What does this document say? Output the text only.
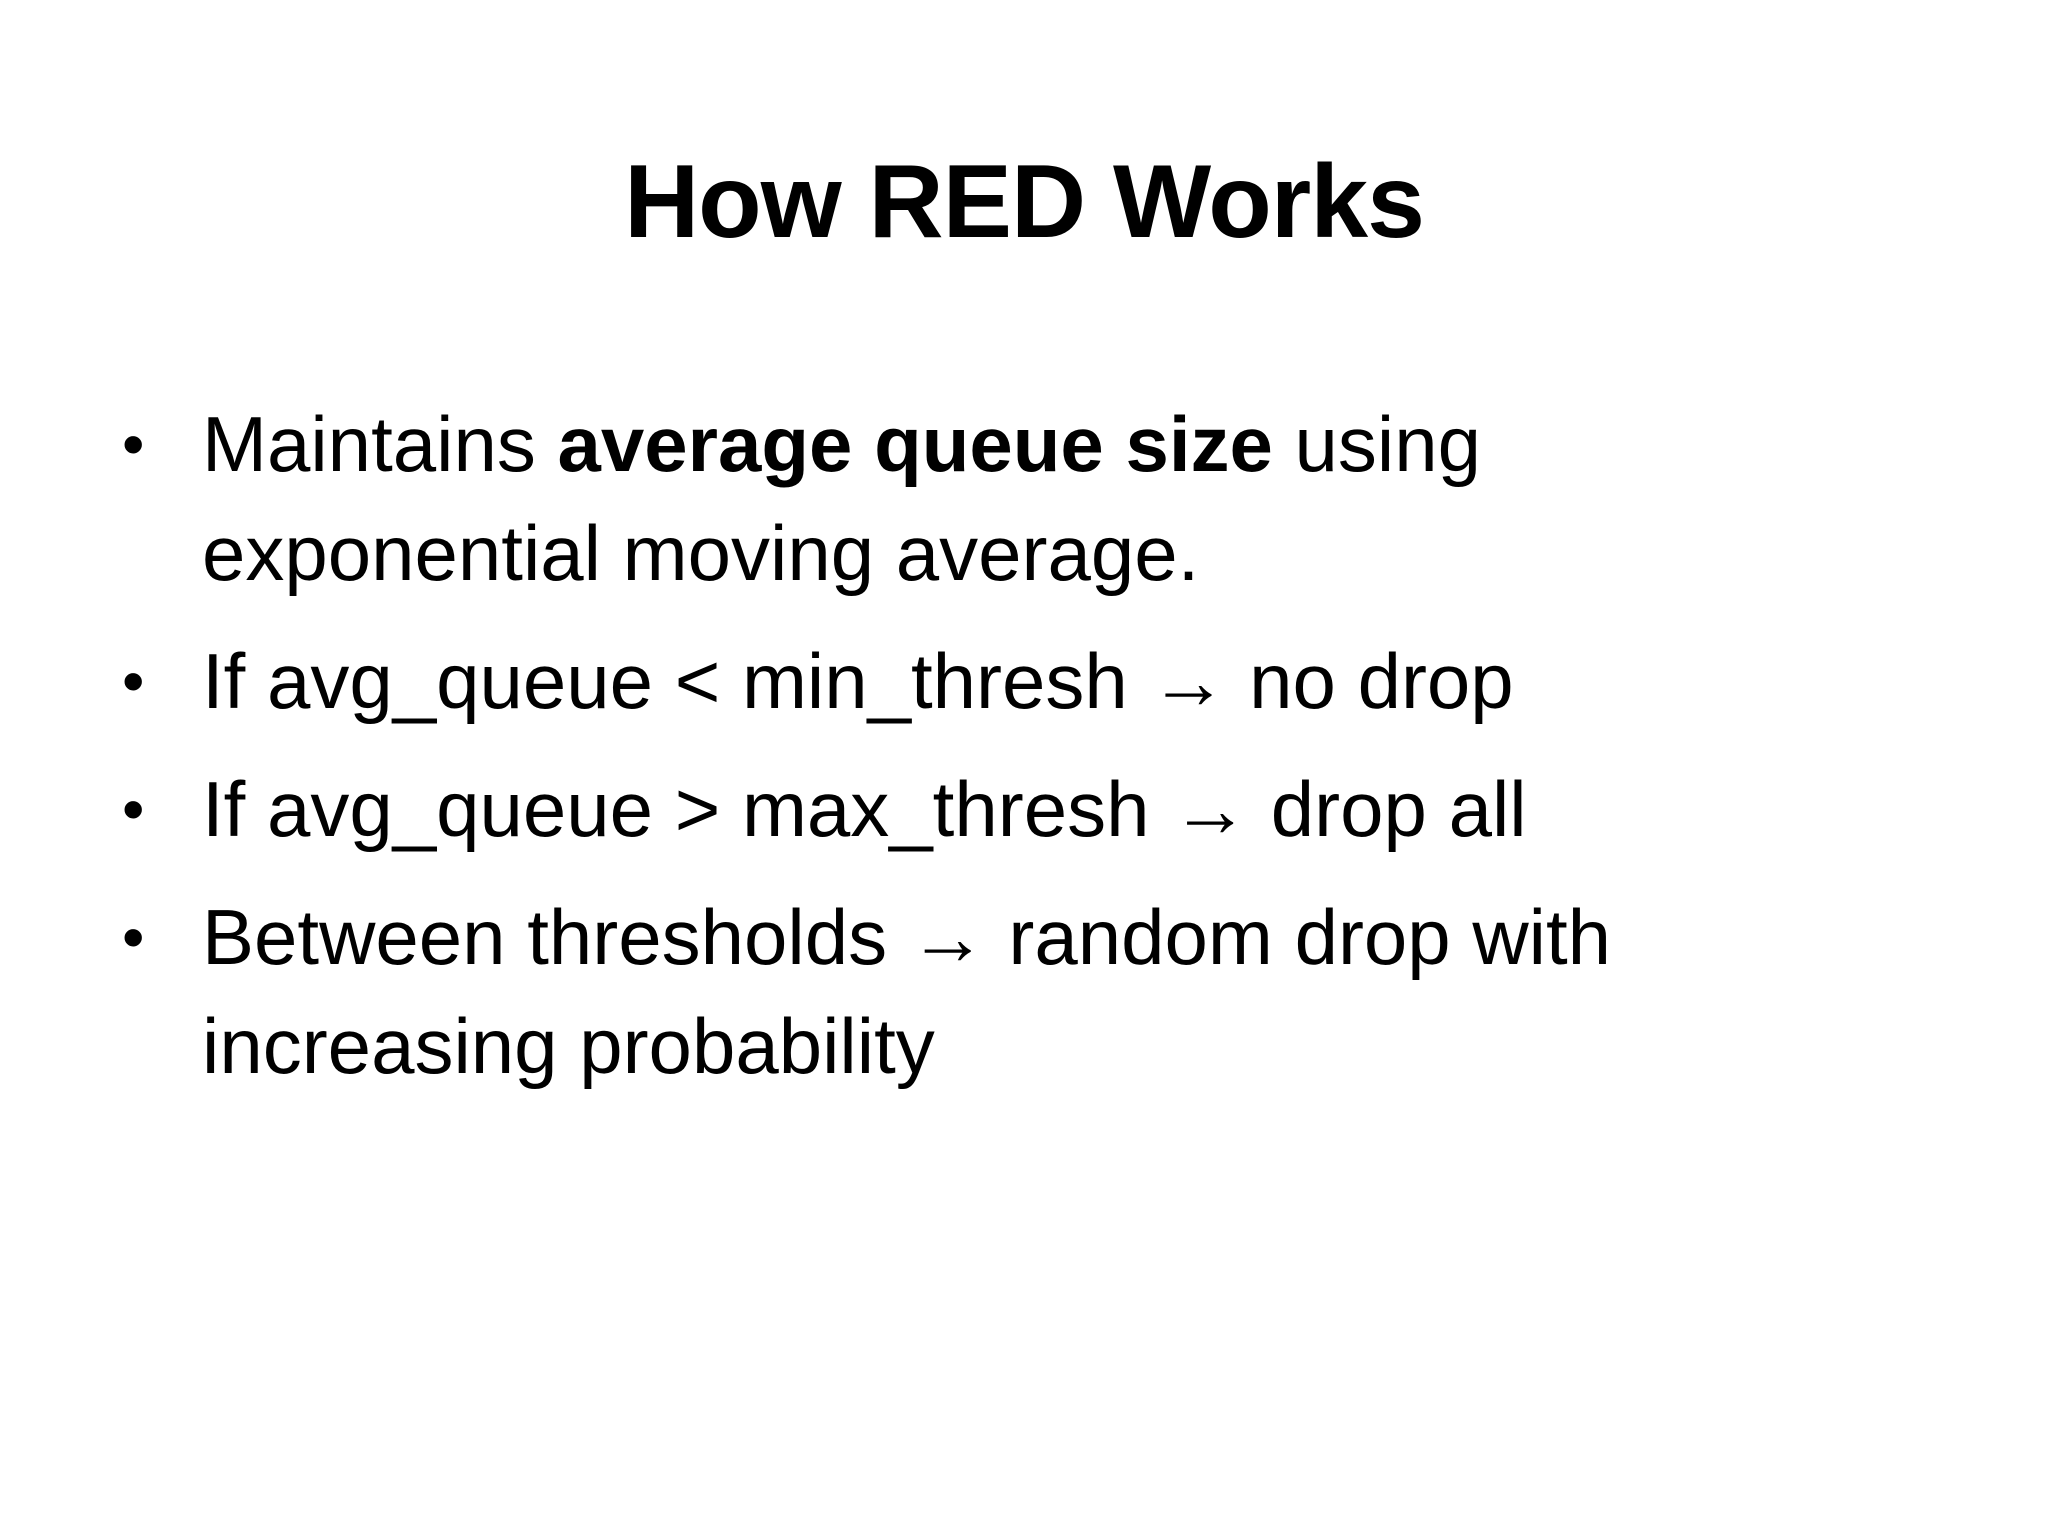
How RED Works
• Maintains average queue size using exponential moving average.
• If avg_queue < min_thresh → no drop
• If avg_queue > max_thresh → drop all
• Between thresholds → random drop with increasing probability
